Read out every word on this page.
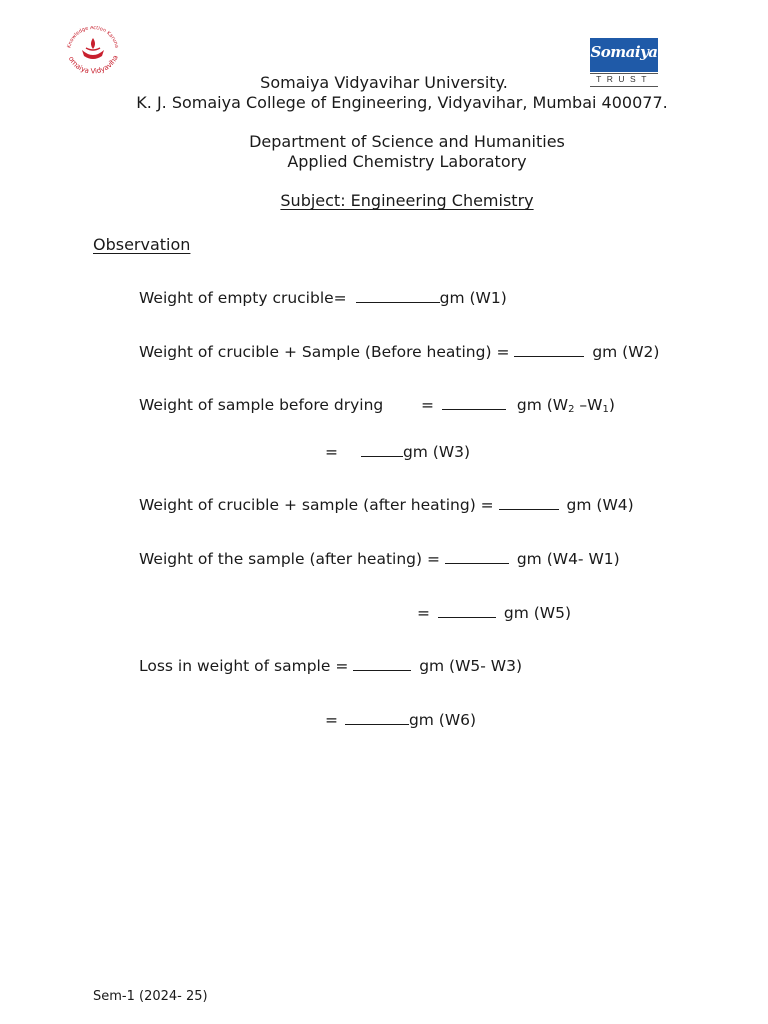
Knowledge Action Karuna
omaiya Vidyaviha	Somaiya
TRUST
Somaiya Vidyavihar University.
K. J. Somaiya College of Engineering, Vidyavihar, Mumbai 400077.
Department of Science and Humanities
Applied Chemistry Laboratory
Subject: Engineering Chemistry
Observation
Weight of empty crucible=	gm (W1)
Weight of crucible + Sample (Before heating) =	gm (W2)
Weight of sample before drying =	gm ($W_2$ $-W_1$)
=	gm (W3)
Weight of crucible + sample (after heating) =	gm (W4)
Weight of the sample (after heating) =	gm (W4- W1)
=	gm (W5)
Loss in weight of sample =	gm (W5- W3)
=	gm (W6)
Sem-1 (2024- 25)
